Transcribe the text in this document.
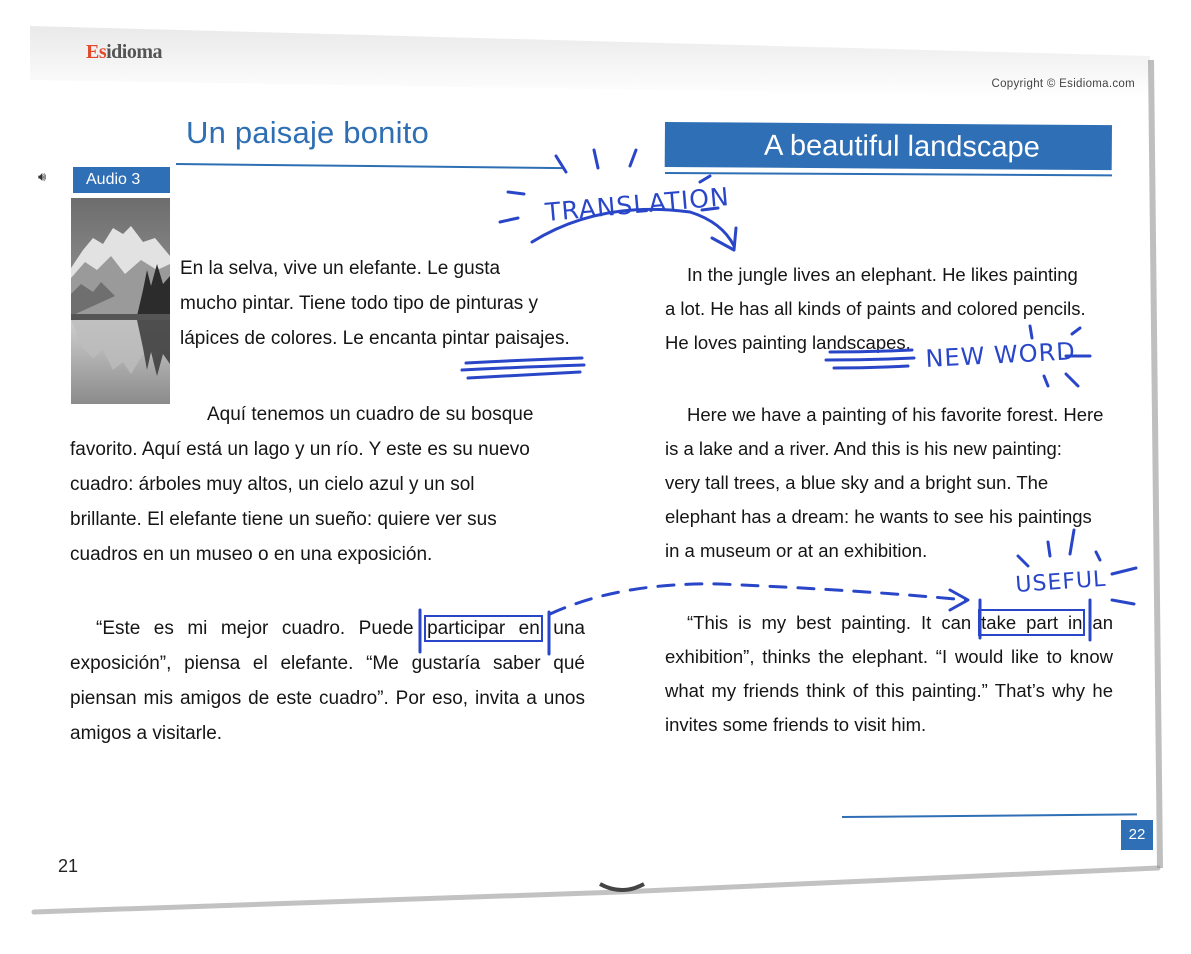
Esidioma
Copyright © Esidioma.com
Un paisaje bonito
🔊︎	Audio 3

En la selva, vive un elefante. Le gusta
mucho pintar. Tiene todo tipo de pinturas y
lápices de colores. Le encanta pintar paisajes.

Aquí tenemos un cuadro de su bosque
favorito. Aquí está un lago y un río. Y este es su nuevo
cuadro: árboles muy altos, un cielo azul y un sol
brillante. El elefante tiene un sueño: quiere ver sus
cuadros en un museo o en una exposición.

“Este es mi mejor cuadro. Puede participar en una exposición”, piensa el elefante. “Me gustaría saber qué piensan mis amigos de este cuadro”. Por eso, invita a unos amigos a visitarle.

21
A beautiful landscape

In the jungle lives an elephant. He likes painting
a lot. He has all kinds of paints and colored pencils.
He loves painting landscapes.

Here we have a painting of his favorite forest. Here
is a lake and a river. And this is his new painting:
very tall trees, a blue sky and a bright sun. The
elephant has a dream: he wants to see his paintings
in a museum or at an exhibition.

“This is my best painting. It can take part in an exhibition”, thinks the elephant. “I would like to know what my friends think of this painting.” That’s why he invites some friends to visit him.

22
TRANSLATION
NEW WORD
USEFUL
